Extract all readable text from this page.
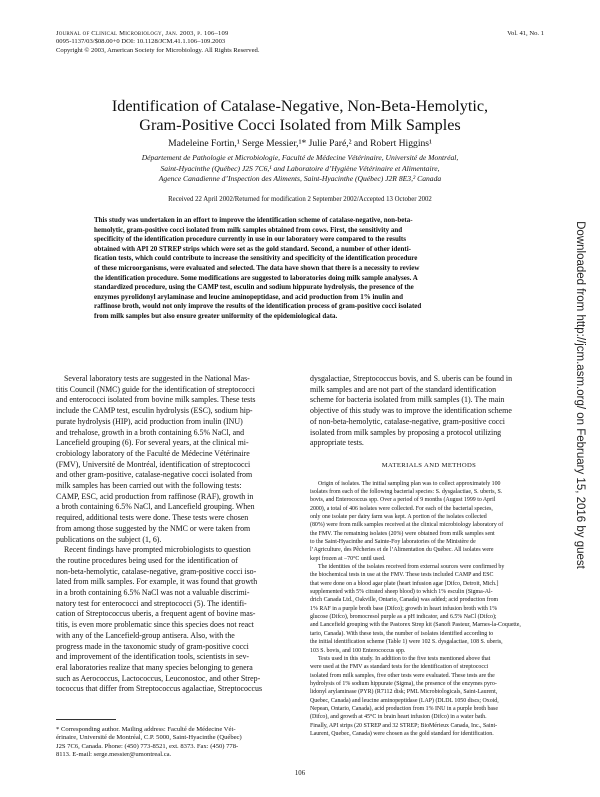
Journal of Clinical Microbiology, Jan. 2003, p. 106–109
0095-1137/03/$08.00+0 DOI: 10.1128/JCM.41.1.106–109.2003
Copyright © 2003, American Society for Microbiology. All Rights Reserved.
Vol. 41, No. 1
Identification of Catalase-Negative, Non-Beta-Hemolytic,
Gram-Positive Cocci Isolated from Milk Samples
Madeleine Fortin,¹ Serge Messier,¹* Julie Paré,² and Robert Higgins¹
Département de Pathologie et Microbiologie, Faculté de Médecine Vétérinaire, Université de Montréal,
Saint-Hyacinthe (Québec) J2S 7C6,¹ and Laboratoire d’Hygiène Vétérinaire et Alimentaire,
Agence Canadienne d’Inspection des Aliments, Saint-Hyacinthe (Québec) J2R 8E3,² Canada
Received 22 April 2002/Returned for modification 2 September 2002/Accepted 13 October 2002
This study was undertaken in an effort to improve the identification scheme of catalase-negative, non-beta-
hemolytic, gram-positive cocci isolated from milk samples obtained from cows. First, the sensitivity and
specificity of the identification procedure currently in use in our laboratory were compared to the results
obtained with API 20 STREP strips which were set as the gold standard. Second, a number of other identi-
fication tests, which could contribute to increase the sensitivity and specificity of the identification procedure
of these microorganisms, were evaluated and selected. The data have shown that there is a necessity to review
the identification procedure. Some modifications are suggested to laboratories doing milk sample analyses. A
standardized procedure, using the CAMP test, esculin and sodium hippurate hydrolysis, the presence of the
enzymes pyrolidonyl arylaminase and leucine aminopeptidase, and acid production from 1% inulin and
raffinose broth, would not only improve the results of the identification process of gram-positive cocci isolated
from milk samples but also ensure greater uniformity of the epidemiological data.	Downloaded from http://jcm.asm.org/ on February 15, 2016 by guest
Several laboratory tests are suggested in the National Mas-
titis Council (NMC) guide for the identification of streptococci
and enterococci isolated from bovine milk samples. These tests
include the CAMP test, esculin hydrolysis (ESC), sodium hip-
purate hydrolysis (HIP), acid production from inulin (INU)
and trehalose, growth in a broth containing 6.5% NaCl, and
Lancefield grouping (6). For several years, at the clinical mi-
crobiology laboratory of the Faculté de Médecine Vétérinaire
(FMV), Université de Montréal, identification of streptococci
and other gram-positive, catalase-negative cocci isolated from
milk samples has been carried out with the following tests:
CAMP, ESC, acid production from raffinose (RAF), growth in
a broth containing 6.5% NaCl, and Lancefield grouping. When
required, additional tests were done. These tests were chosen
from among those suggested by the NMC or were taken from
publications on the subject (1, 6).
Recent findings have prompted microbiologists to question
the routine procedures being used for the identification of
non-beta-hemolytic, catalase-negative, gram-positive cocci iso-
lated from milk samples. For example, it was found that growth
in a broth containing 6.5% NaCl was not a valuable discrimi-
natory test for enterococci and streptococci (5). The identifi-
cation of Streptococcus uberis, a frequent agent of bovine mas-
titis, is even more problematic since this species does not react
with any of the Lancefield-group antisera. Also, with the
progress made in the taxonomic study of gram-positive cocci
and improvement of the identification tools, scientists in sev-
eral laboratories realize that many species belonging to genera
such as Aerococcus, Lactococcus, Leuconostoc, and other Strep-
tococcus that differ from Streptococcus agalactiae, Streptococcus
dysgalactiae, Streptococcus bovis, and S. uberis can be found in
milk samples and are not part of the standard identification
scheme for bacteria isolated from milk samples (1). The main
objective of this study was to improve the identification scheme
of non-beta-hemolytic, catalase-negative, gram-positive cocci
isolated from milk samples by proposing a protocol utilizing
appropriate tests.
MATERIALS AND METHODS
Origin of isolates. The initial sampling plan was to collect approximately 100
isolates from each of the following bacterial species: S. dysgalactiae, S. uberis, S.
bovis, and Enterococcus spp. Over a period of 9 months (August 1999 to April
2000), a total of 406 isolates were collected. For each of the bacterial species,
only one isolate per dairy farm was kept. A portion of the isolates collected
(80%) were from milk samples received at the clinical microbiology laboratory of
the FMV. The remaining isolates (20%) were obtained from milk samples sent
to the Saint-Hyacinthe and Sainte-Foy laboratories of the Ministère de
l’Agriculture, des Pêcheries et de l’Alimentation du Québec. All isolates were
kept frozen at −70°C until used.
The identities of the isolates received from external sources were confirmed by
the biochemical tests in use at the FMV. These tests included CAMP and ESC
that were done on a blood agar plate (heart infusion agar [Difco, Detroit, Mich.]
supplemented with 5% citrated sheep blood) to which 1% esculin (Sigma-Al-
drich Canada Ltd., Oakville, Ontario, Canada) was added; acid production from
1% RAF in a purple broth base (Difco); growth in heart infusion broth with 1%
glucose (Difco), bromocresol purple as a pH indicator, and 6.5% NaCl (Difco);
and Lancefield grouping with the Pastorex Strep kit (Sanofi Pasteur, Marnes-la-Coquette,
tario, Canada). With these tests, the number of isolates identified according to
the initial identification scheme (Table 1) were 102 S. dysgalactiae, 108 S. uberis,
103 S. bovis, and 100 Enterococcus spp.
Tests used in this study. In addition to the five tests mentioned above that
were used at the FMV as standard tests for the identification of streptococci
isolated from milk samples, five other tests were evaluated. These tests are the
hydrolysis of 1% sodium hippurate (Sigma), the presence of the enzymes pyro-
lidonyl arylaminase (PYR) (R7112 disk; PML Microbiologicals, Saint-Laurent,
Quebec, Canada) and leucine aminopeptidase (LAP) (DLDL 1050 discs; Oxoid,
Nepean, Ontario, Canada), acid production from 1% INU in a purple broth base
(Difco), and growth at 45°C in brain heart infusion (Difco) in a water bath.
Finally, API strips (20 STREP and 32 STREP; BioMérieux Canada, Inc., Saint-
Laurent, Quebec, Canada) were chosen as the gold standard for identification.
* Corresponding author. Mailing address: Faculté de Médecine Vét-
érinaire, Université de Montréal, C.P. 5000, Saint-Hyacinthe (Québec)
J2S 7C6, Canada. Phone: (450) 773-8521, ext. 8373. Fax: (450) 778-
8113. E-mail: serge.messier@umontreal.ca.
106
